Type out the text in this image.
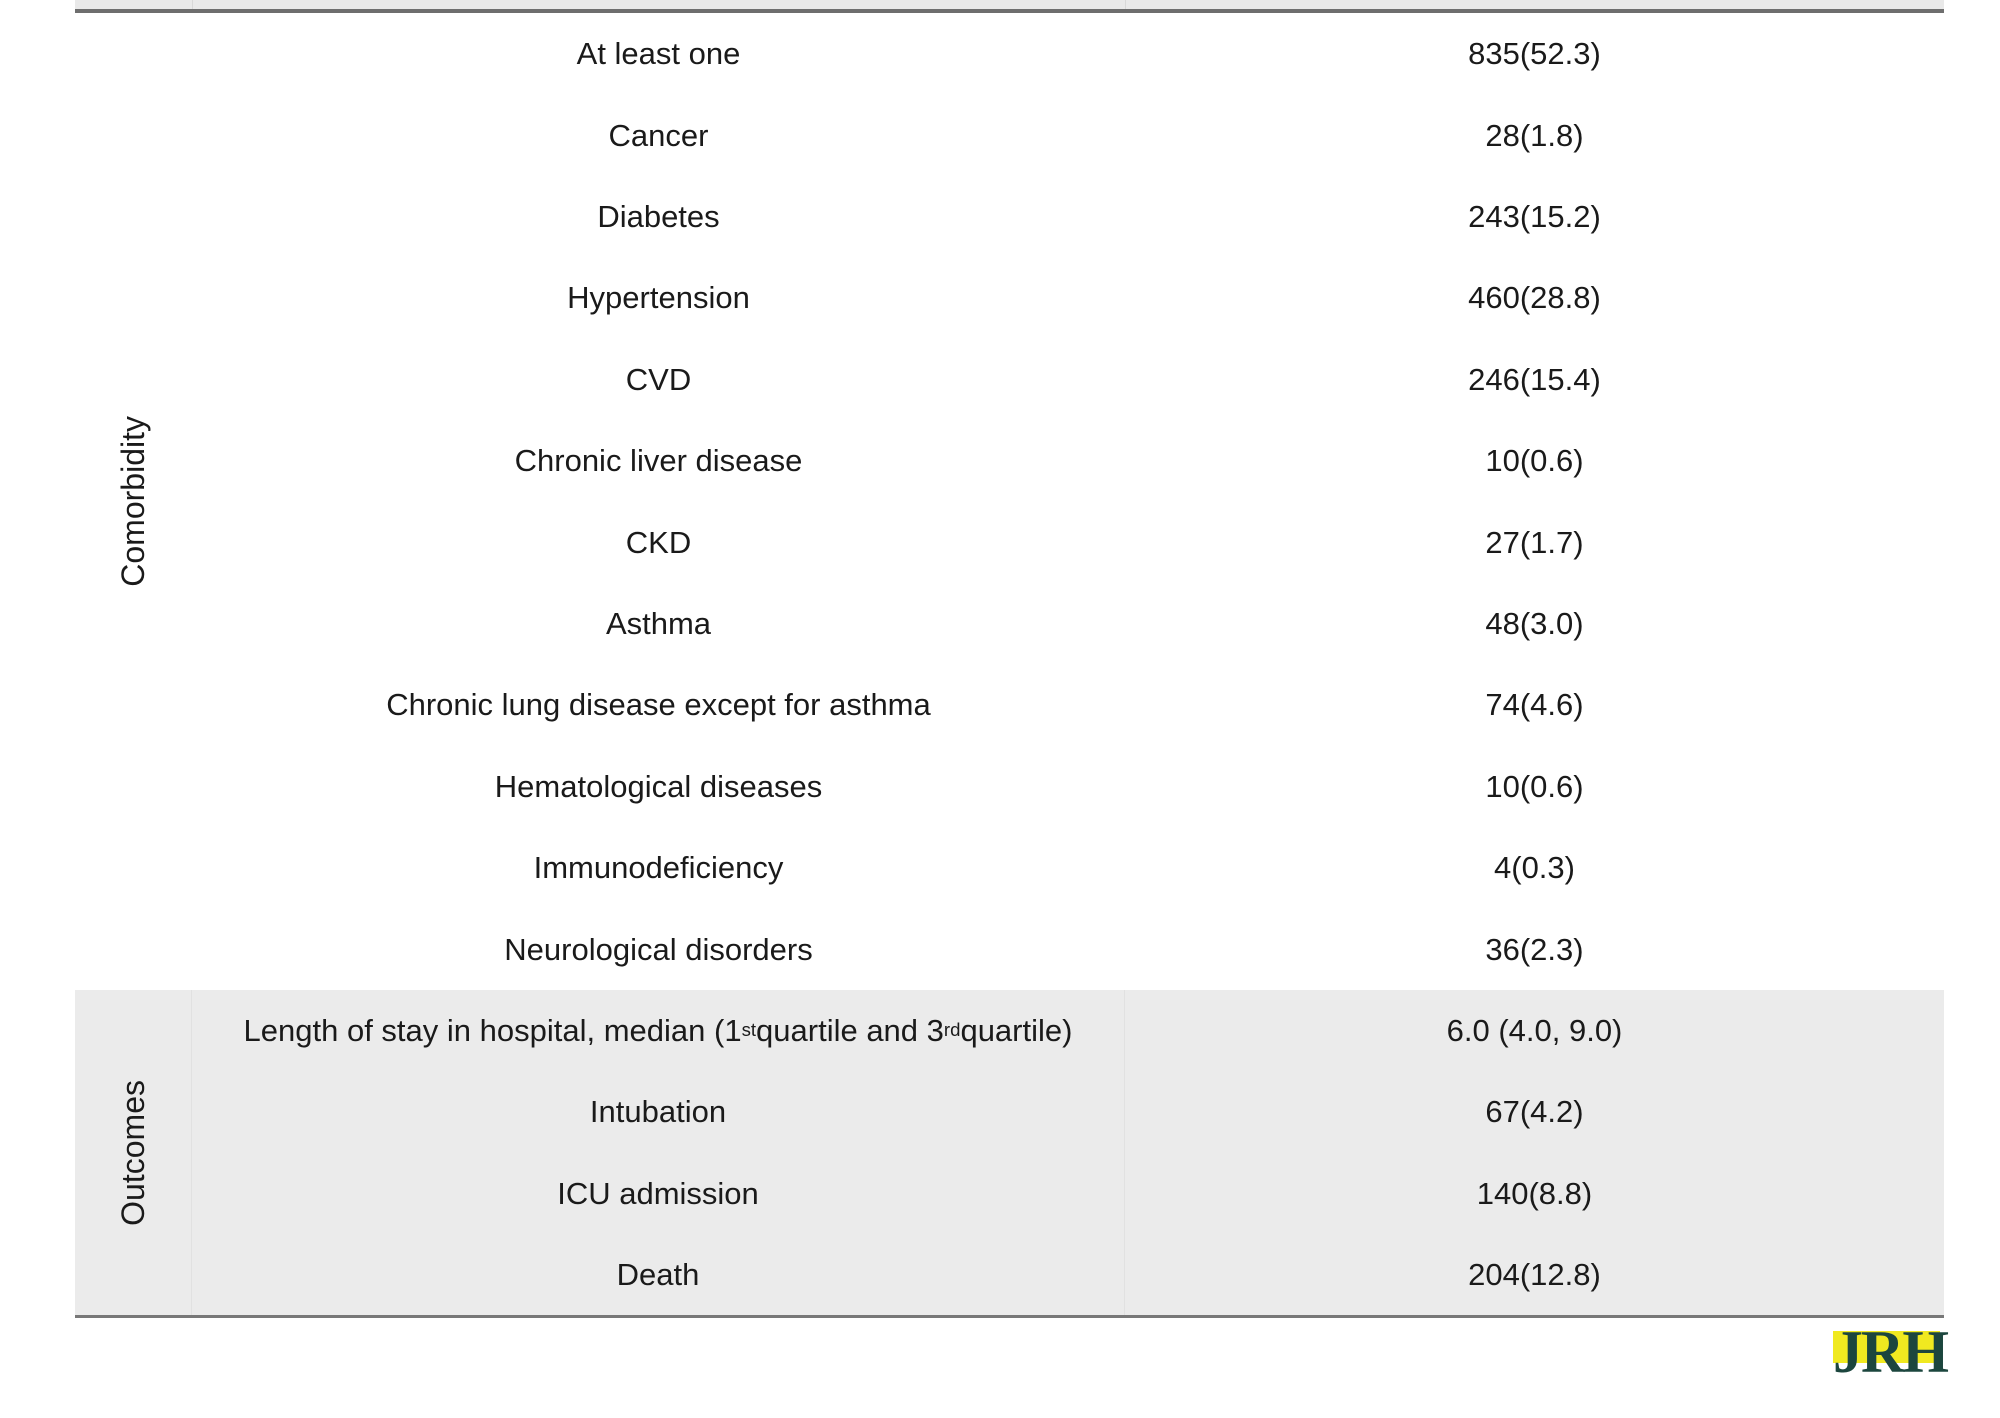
Comorbidity
At least one	835(52.3)
Cancer	28(1.8)
Diabetes	243(15.2)
Hypertension	460(28.8)
CVD	246(15.4)
Chronic liver disease	10(0.6)
CKD	27(1.7)
Asthma	48(3.0)
Chronic lung disease except for asthma	74(4.6)
Hematological diseases	10(0.6)
Immunodeficiency	4(0.3)
Neurological disorders	36(2.3)
Outcomes
Length of stay in hospital, median (1 st quartile and 3 rd quartile)	6.0 (4.0, 9.0)
Intubation	67(4.2)
ICU admission	140(8.8)
Death	204(12.8)
JRH
